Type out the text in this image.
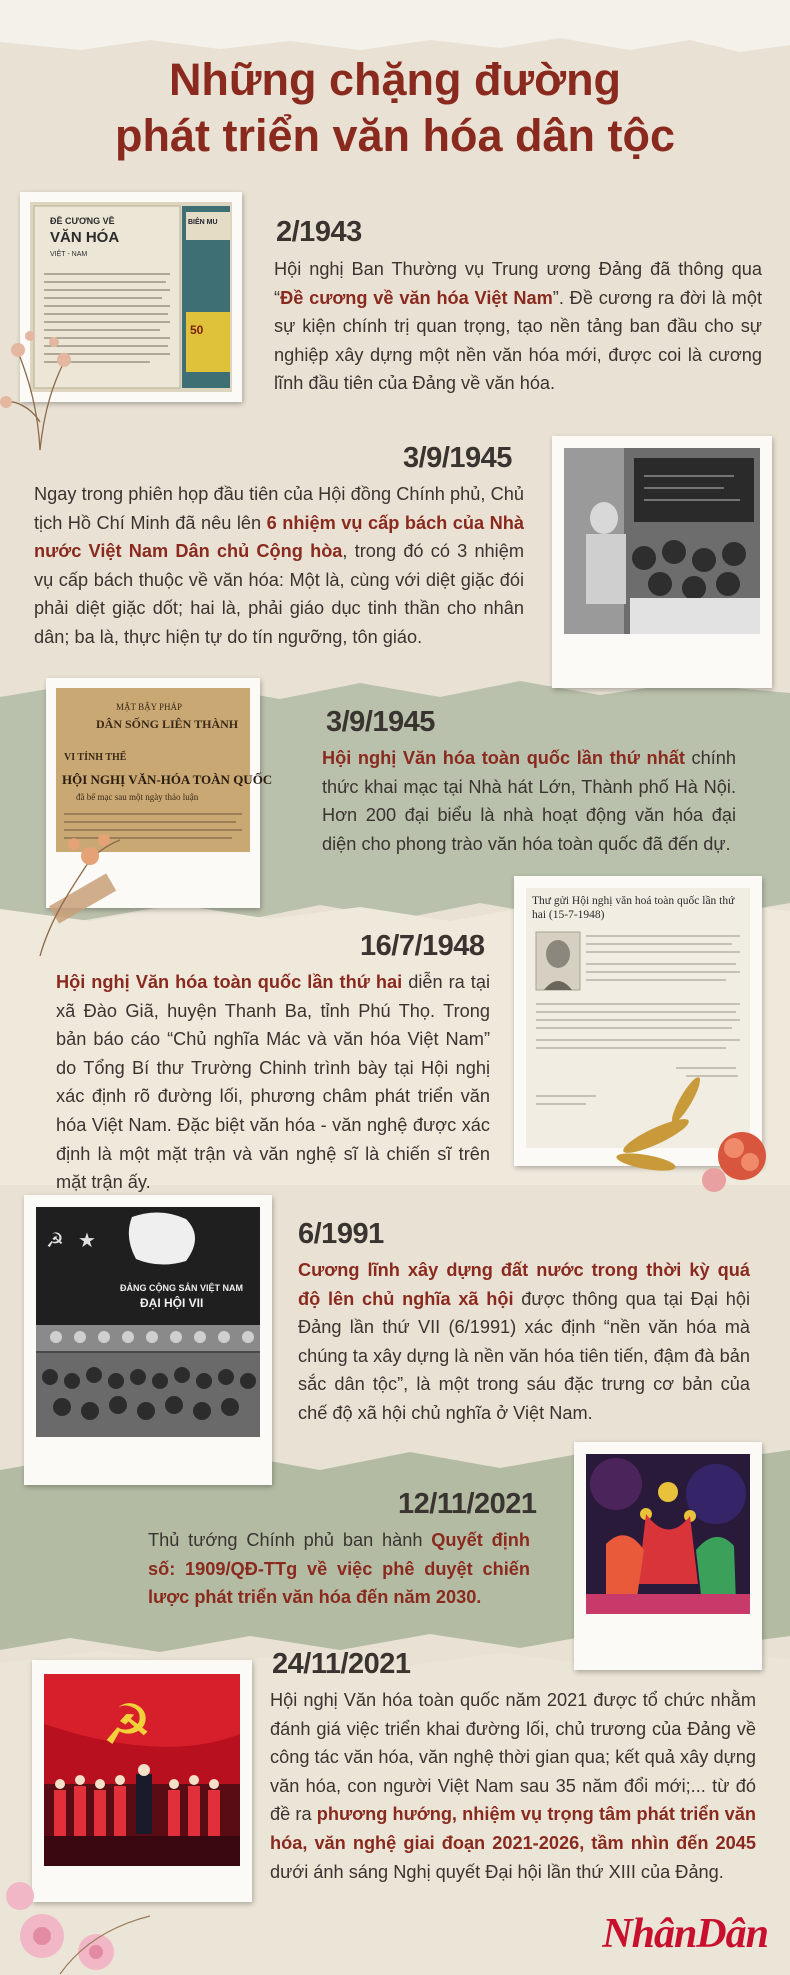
Những chặng đường
phát triển văn hóa dân tộc
ĐỀ CƯƠNG VỀ
VĂN HÓA
VIỆT - NAM
BIÊN MU
50
2/1943
Hội nghị Ban Thường vụ Trung ương Đảng đã thông qua “Đề cương về văn hóa Việt Nam”. Đề cương ra đời là một sự kiện chính trị quan trọng, tạo nền tảng ban đầu cho sự nghiệp xây dựng một nền văn hóa mới, được coi là cương lĩnh đầu tiên của Đảng về văn hóa.
3/9/1945
Ngay trong phiên họp đầu tiên của Hội đồng Chính phủ, Chủ tịch Hồ Chí Minh đã nêu lên 6 nhiệm vụ cấp bách của Nhà nước Việt Nam Dân chủ Cộng hòa, trong đó có 3 nhiệm vụ cấp bách thuộc về văn hóa: Một là, cùng với diệt giặc đói phải diệt giặc dốt; hai là, phải giáo dục tinh thần cho nhân dân; ba là, thực hiện tự do tín ngưỡng, tôn giáo.
MẶT BẬY PHÁP
DÂN SỐNG LIÊN THÀNH
VI TỈNH THỂ
HỘI NGHỊ VĂN-HÓA TOÀN QUỐC
đã bế mạc sau một ngày thảo luận
3/9/1945
Hội nghị Văn hóa toàn quốc lần thứ nhất chính thức khai mạc tại Nhà hát Lớn, Thành phố Hà Nội. Hơn 200 đại biểu là nhà hoạt động văn hóa đại diện cho phong trào văn hóa toàn quốc đã đến dự.
16/7/1948
Hội nghị Văn hóa toàn quốc lần thứ hai diễn ra tại xã Đào Giã, huyện Thanh Ba, tỉnh Phú Thọ. Trong bản báo cáo “Chủ nghĩa Mác và văn hóa Việt Nam” do Tổng Bí thư Trường Chinh trình bày tại Hội nghị xác định rõ đường lối, phương châm phát triển văn hóa Việt Nam. Đặc biệt văn hóa - văn nghệ được xác định là một mặt trận và văn nghệ sĩ là chiến sĩ trên mặt trận ấy.
Thư gửi Hội nghị văn hoá toàn quốc lần thứ hai (15-7-1948)
ĐẢNG CỘNG SẢN VIỆT NAM
ĐẠI HỘI VII
☭ ★	6/1991
Cương lĩnh xây dựng đất nước trong thời kỳ quá độ lên chủ nghĩa xã hội được thông qua tại Đại hội Đảng lần thứ VII (6/1991) xác định “nền văn hóa mà chúng ta xây dựng là nền văn hóa tiên tiến, đậm đà bản sắc dân tộc”, là một trong sáu đặc trưng cơ bản của chế độ xã hội chủ nghĩa ở Việt Nam.
12/11/2021
Thủ tướng Chính phủ ban hành Quyết định số: 1909/QĐ-TTg về việc phê duyệt chiến lược phát triển văn hóa đến năm 2030.
24/11/2021
Hội nghị Văn hóa toàn quốc năm 2021 được tổ chức nhằm đánh giá việc triển khai đường lối, chủ trương của Đảng về công tác văn hóa, văn nghệ thời gian qua; kết quả xây dựng văn hóa, con người Việt Nam sau 35 năm đổi mới;... từ đó đề ra phương hướng, nhiệm vụ trọng tâm phát triển văn hóa, văn nghệ giai đoạn 2021-2026, tầm nhìn đến 2045 dưới ánh sáng Nghị quyết Đại hội lần thứ XIII của Đảng.
☭
NhânDân
